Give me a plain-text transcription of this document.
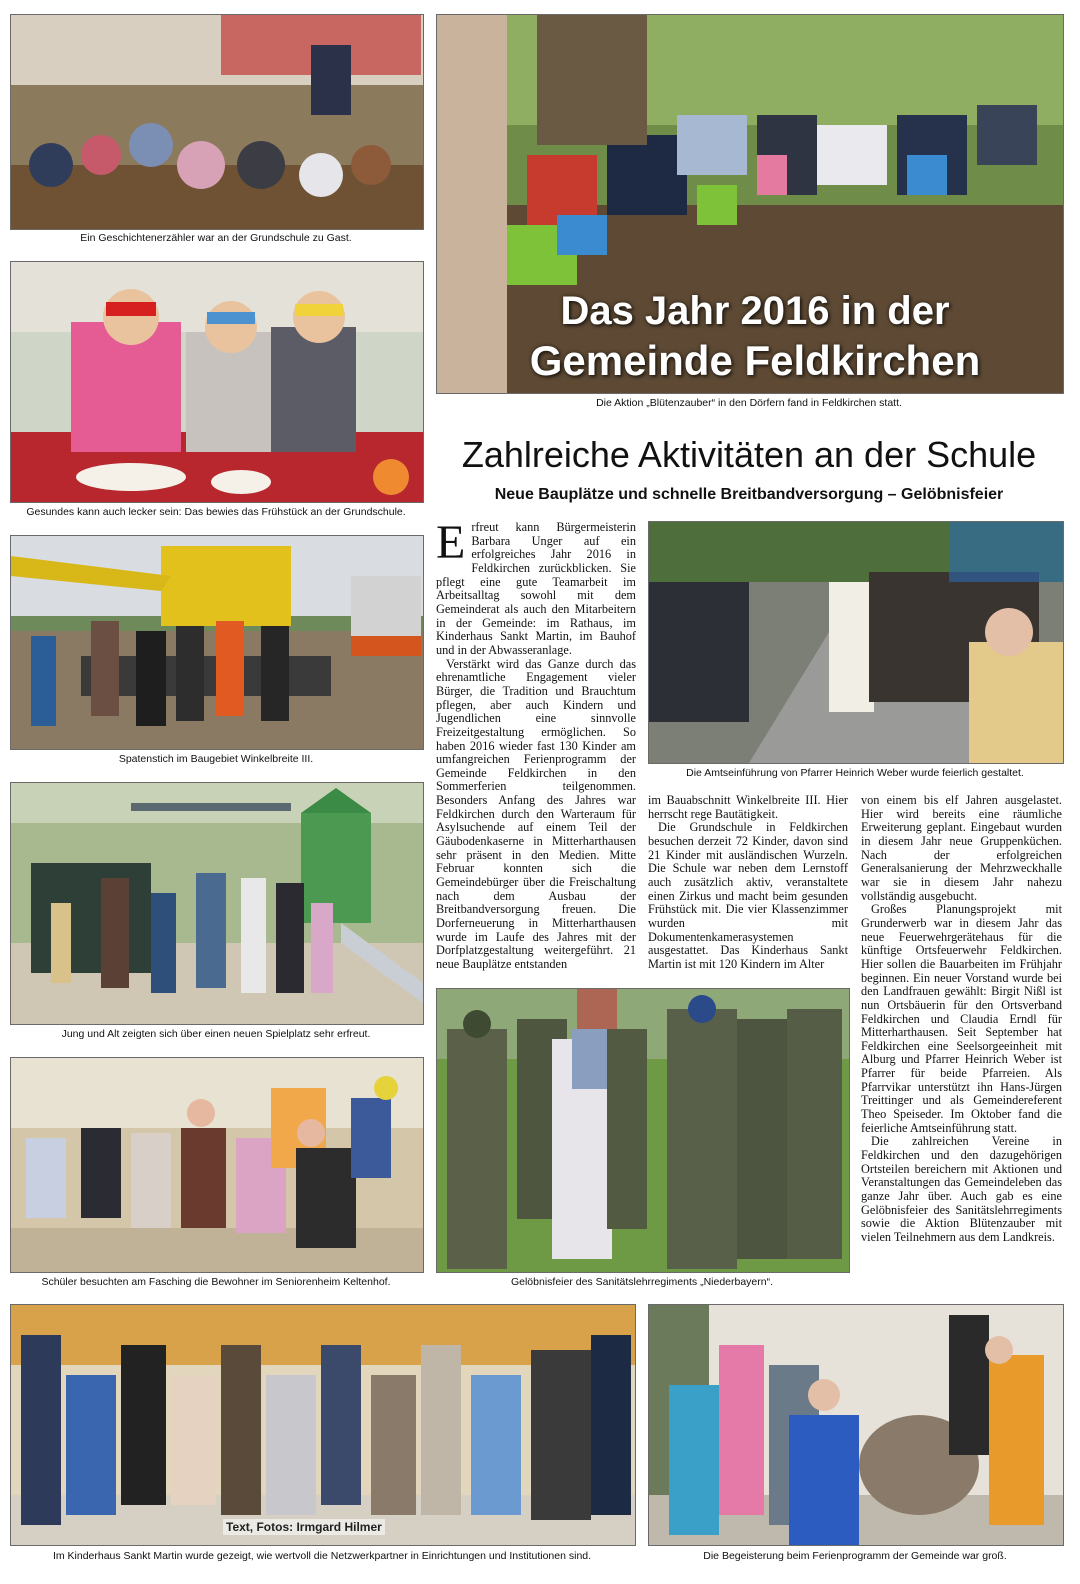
Ein Geschichtenerzähler war an der Grundschule zu Gast.
Gesundes kann auch lecker sein: Das bewies das Frühstück an der Grundschule.
Spatenstich im Baugebiet Winkelbreite III.
Jung und Alt zeigten sich über einen neuen Spielplatz sehr erfreut.
Schüler besuchten am Fasching die Bewohner im Seniorenheim Keltenhof.
Das Jahr 2016 in der
Gemeinde Feldkirchen
Die Aktion „Blütenzauber“ in den Dörfern fand in Feldkirchen statt.
Zahlreiche Aktivitäten an der Schule
Neue Bauplätze und schnelle Breitbandversorgung – Gelöbnisfeier

Erfreut kann Bürgermeisterin Barbara Unger auf ein erfolgreiches Jahr 2016 in Feldkirchen zurückblicken. Sie pflegt eine gute Teamarbeit im Arbeitsalltag sowohl mit dem Gemeinderat als auch den Mitarbeitern in der Gemeinde: im Rathaus, im Kinderhaus Sankt Martin, im Bauhof und in der Abwasseranlage.

Verstärkt wird das Ganze durch das ehrenamtliche Engagement vieler Bürger, die Tradition und Brauchtum pflegen, aber auch Kindern und Jugendlichen eine sinnvolle Freizeitgestaltung ermöglichen. So haben 2016 wieder fast 130 Kinder am umfangreichen Ferienprogramm der Gemeinde Feldkirchen in den Sommerferien teilgenommen. Besonders Anfang des Jahres war Feldkirchen durch den Warteraum für Asylsuchende auf einem Teil der Gäubodenkaserne in Mitterharthausen sehr präsent in den Medien. Mitte Februar konnten sich die Gemeindebürger über die Freischaltung nach dem Ausbau der Breitbandversorgung freuen. Die Dorferneuerung in Mitterharthausen wurde im Laufe des Jahres mit der Dorfplatzgestaltung weitergeführt. 21 neue Bauplätze entstanden

Die Amtseinführung von Pfarrer Heinrich Weber wurde feierlich gestaltet.

im Bauabschnitt Winkelbreite III. Hier herrscht rege Bautätigkeit.

Die Grundschule in Feldkirchen besuchen derzeit 72 Kinder, davon sind 21 Kinder mit ausländischen Wurzeln. Die Schule war neben dem Lernstoff auch zusätzlich aktiv, veranstaltete einen Zirkus und macht beim gesunden Frühstück mit. Die vier Klassenzimmer wurden mit Dokumentenkamerasystemen ausgestattet. Das Kinderhaus Sankt Martin ist mit 120 Kindern im Alter

von einem bis elf Jahren ausgelastet. Hier wird bereits eine räumliche Erweiterung geplant. Eingebaut wurden in diesem Jahr neue Gruppenküchen. Nach der erfolgreichen Generalsanierung der Mehrzweckhalle war sie in diesem Jahr nahezu vollständig ausgebucht.

Großes Planungsprojekt mit Grunderwerb war in diesem Jahr das neue Feuerwehrgerätehaus für die künftige Ortsfeuerwehr Feldkirchen. Hier sollen die Bauarbeiten im Frühjahr beginnen. Ein neuer Vorstand wurde bei den Landfrauen gewählt: Birgit Nißl ist nun Ortsbäuerin für den Ortsverband Feldkirchen und Claudia Erndl für Mitterharthausen. Seit September hat Feldkirchen eine Seelsorgeeinheit mit Alburg und Pfarrer Heinrich Weber ist Pfarrer für beide Pfarreien. Als Pfarrvikar unterstützt ihn Hans-Jürgen Treittinger und als Gemeindereferent Theo Speiseder. Im Oktober fand die feierliche Amtseinführung statt.

Die zahlreichen Vereine in Feldkirchen und den dazugehörigen Ortsteilen bereichern mit Aktionen und Veranstaltungen das Gemeindeleben das ganze Jahr über. Auch gab es eine Gelöbnisfeier des Sanitätslehrregiments sowie die Aktion Blütenzauber mit vielen Teilnehmern aus dem Landkreis.

Gelöbnisfeier des Sanitätslehrregiments „Niederbayern“.
Text, Fotos: Irmgard Hilmer
Im Kinderhaus Sankt Martin wurde gezeigt, wie wertvoll die Netzwerkpartner in Einrichtungen und Institutionen sind.	Die Begeisterung beim Ferienprogramm der Gemeinde war groß.
